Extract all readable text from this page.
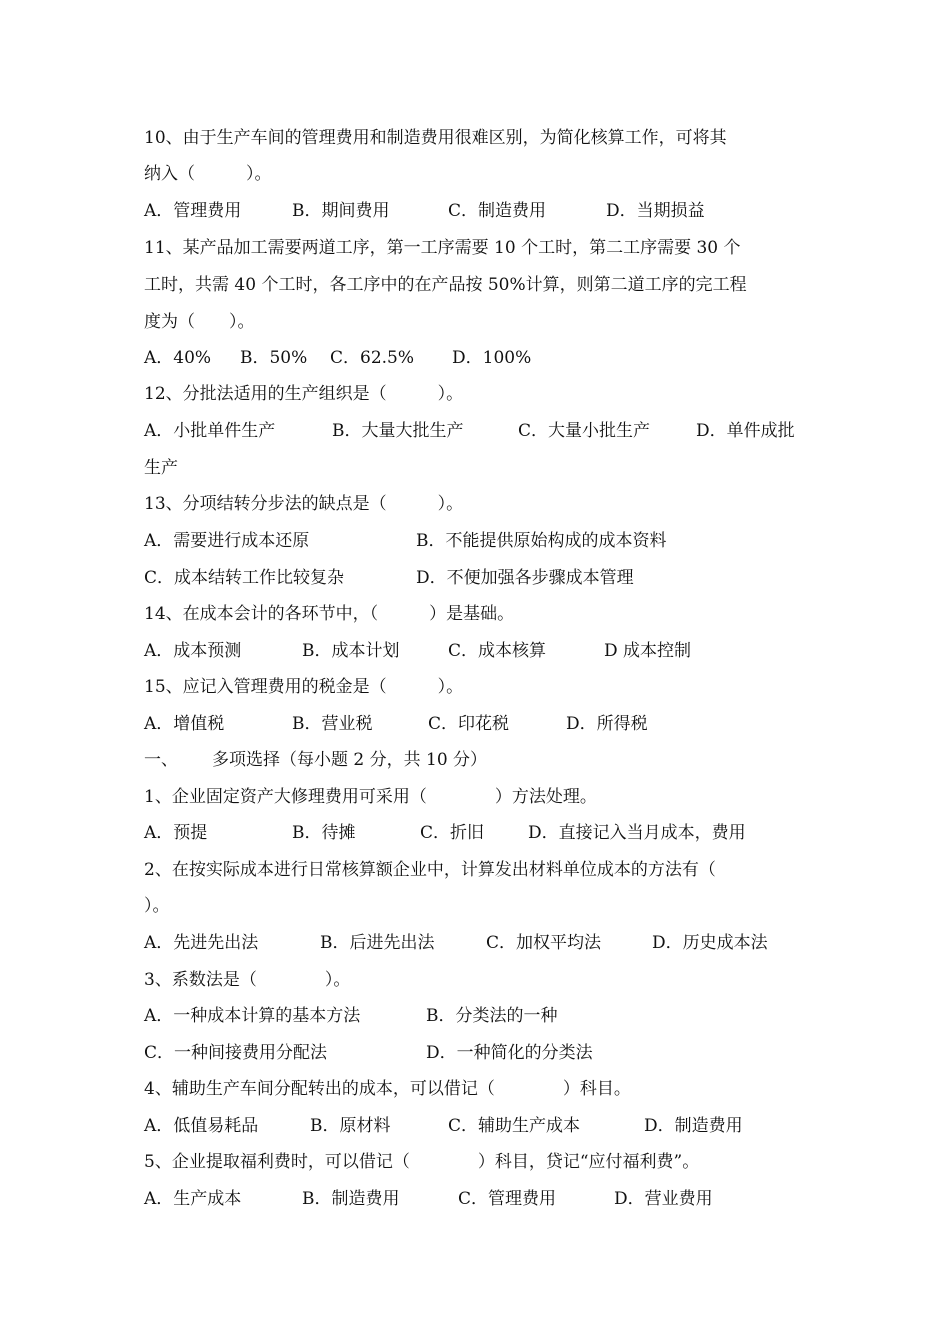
10、由于生产车间的管理费用和制造费用很难区别，为简化核算工作，可将其
纳入（　　　）。
A．管理费用	B．期间费用	C．制造费用	D．当期损益
11、某产品加工需要两道工序，第一工序需要 10 个工时，第二工序需要 30 个
工时，共需 40 个工时，各工序中的在产品按 50%计算，则第二道工序的完工程
度为（　　）。
A．40% B．50% C．62.5% D．100%
12、分批法适用的生产组织是（　　　）。
A．小批单件生产	B．大量大批生产	C．大量小批生产	D．单件成批
生产
13、分项结转分步法的缺点是（　　　）。
A．需要进行成本还原	B．不能提供原始构成的成本资料
C．成本结转工作比较复杂	D．不便加强各步骤成本管理
14、在成本会计的各环节中，（　　　）是基础。
A．成本预测	B．成本计划	C．成本核算	D 成本控制
15、应记入管理费用的税金是（　　　）。
A．增值税	B．营业税	C．印花税	D．所得税
一、 多项选择（每小题 2 分，共 10 分）
1、企业固定资产大修理费用可采用（　　　　）方法处理。
A．预提	B．待摊	C．折旧	D．直接记入当月成本，费用
2、在按实际成本进行日常核算额企业中，计算发出材料单位成本的方法有（
）。
A．先进先出法	B．后进先出法	C．加权平均法	D．历史成本法
3、系数法是（　　　　）。
A．一种成本计算的基本方法	B．分类法的一种
C．一种间接费用分配法	D．一种简化的分类法
4、辅助生产车间分配转出的成本，可以借记（　　　　）科目。
A．低值易耗品	B．原材料	C．辅助生产成本	D．制造费用
5、企业提取福利费时，可以借记（　　　　）科目，贷记“应付福利费”。
A．生产成本	B．制造费用	C．管理费用	D．营业费用
